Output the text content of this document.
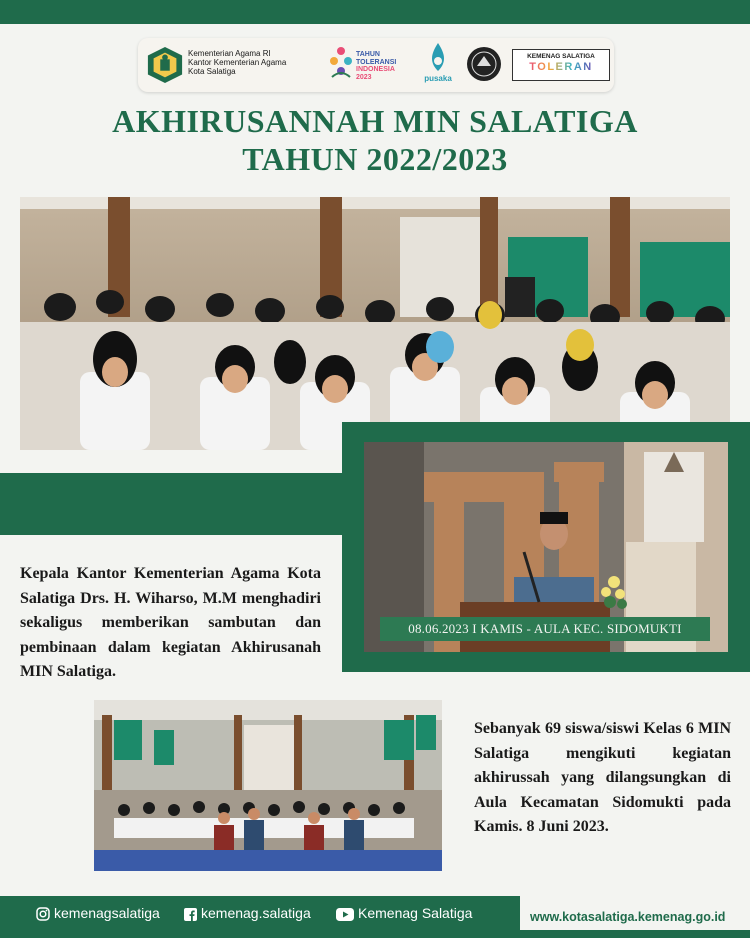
Kementerian Agama RI
Kantor Kementerian Agama
Kota Salatiga
TAHUN
TOLERANSI
INDONESIA
2023	pusaka
KEMENAG SALATIGA
TOLERAN
AKHIRUSANNAH MIN SALATIGA
TAHUN 2022/2023
08.06.2023 I KAMIS - AULA KEC. SIDOMUKTI
Kepala Kantor Kementerian Agama Kota Salatiga Drs. H. Wiharso, M.M menghadiri sekaligus memberikan sambutan dan pembinaan dalam kegiatan Akhirusanah MIN Salatiga.
Sebanyak 69 siswa/siswi Kelas 6 MIN Salatiga mengikuti kegiatan akhirussah yang dilangsungkan di Aula Kecamatan Sidomukti pada Kamis. 8 Juni 2023.
kemenagsalatiga	kemenag.salatiga	Kemenag Salatiga	www.kotasalatiga.kemenag.go.id
